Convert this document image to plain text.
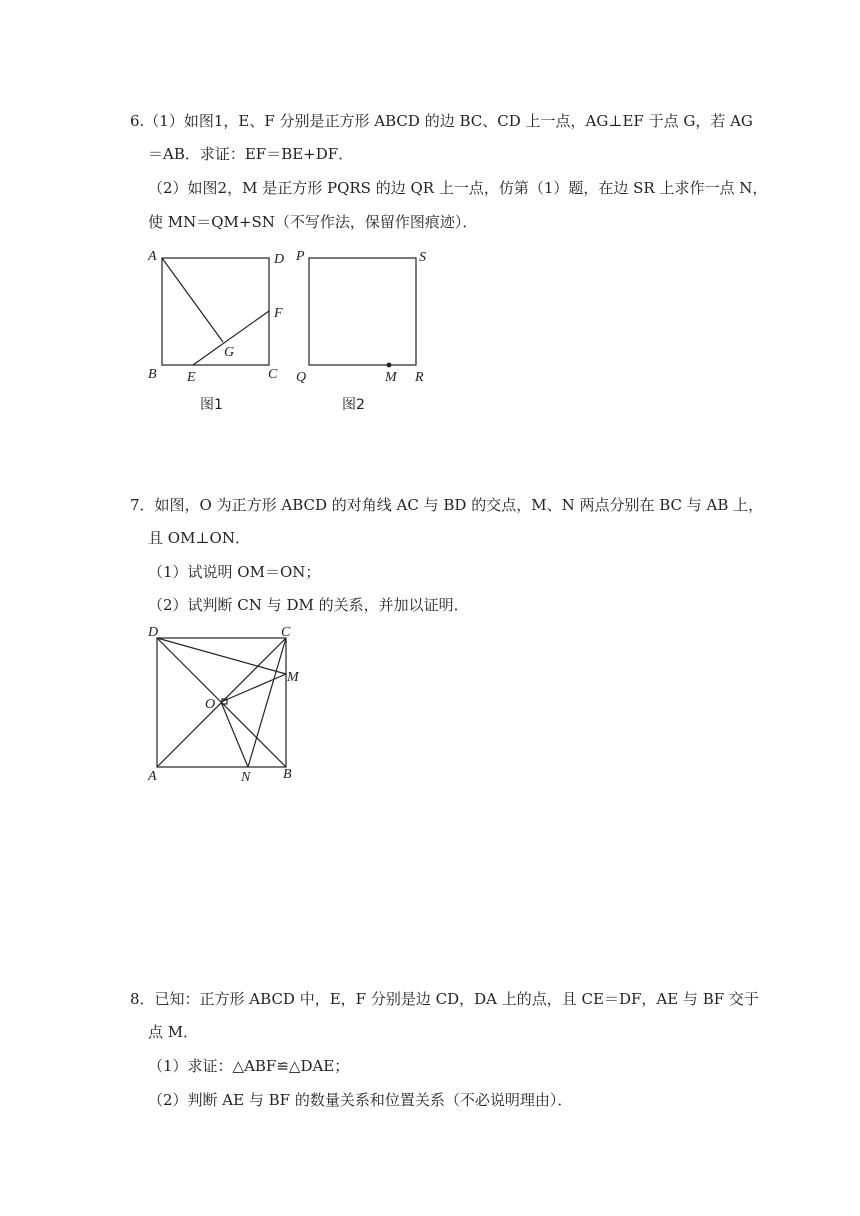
6.（1）如图1，E、F 分别是正方形 ABCD 的边 BC、CD 上一点，AG⊥EF 于点 G，若 AG
＝AB．求证：EF＝BE+DF．
（2）如图2，M 是正方形 PQRS 的边 QR 上一点，仿第（1）题，在边 SR 上求作一点 N，
使 MN＝QM+SN（不写作法，保留作图痕迹）．
A	D
F
G
B E	C
图1
P	S
Q	M R
图2
7．如图，O 为正方形 ABCD 的对角线 AC 与 BD 的交点，M、N 两点分别在 BC 与 AB 上，
且 OM⊥ON．
（1）试说明 OM＝ON；
（2）试判断 CN 与 DM 的关系，并加以证明．
D	C
M
O
A	N B
8．已知：正方形 ABCD 中，E，F 分别是边 CD，DA 上的点，且 CE＝DF，AE 与 BF 交于
点 M．
（1）求证：△ABF≌△DAE；
（2）判断 AE 与 BF 的数量关系和位置关系（不必说明理由）．
